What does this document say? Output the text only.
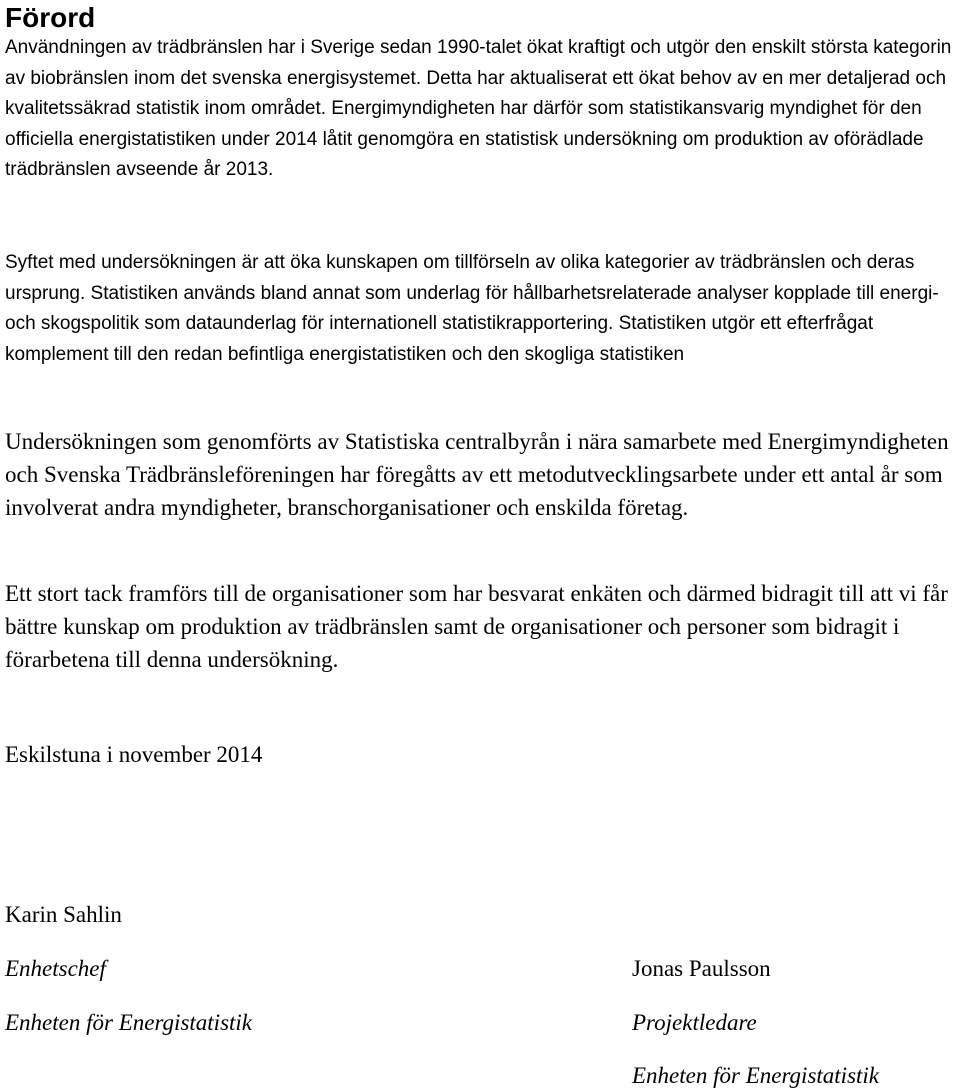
Förord

Användningen av trädbränslen har i Sverige sedan 1990-talet ökat kraftigt och utgör den enskilt största kategorin av biobränslen inom det svenska energisystemet. Detta har aktualiserat ett ökat behov av en mer detaljerad och kvalitetssäkrad statistik inom området. Energimyndigheten har därför som statistikansvarig myndighet för den officiella energistatistiken under 2014 låtit genomgöra en statistisk undersökning om produktion av oförädlade trädbränslen avseende år 2013.

Syftet med undersökningen är att öka kunskapen om tillförseln av olika kategorier av trädbränslen och deras ursprung. Statistiken används bland annat som underlag för hållbarhetsrelaterade analyser kopplade till energi- och skogspolitik som dataunderlag för internationell statistikrapportering. Statistiken utgör ett efterfrågat komplement till den redan befintliga energistatistiken och den skogliga statistiken

Undersökningen som genomförts av Statistiska centralbyrån i nära samarbete med Energimyndigheten och Svenska Trädbränsleföreningen har föregåtts av ett metodutvecklingsarbete under ett antal år som involverat andra myndigheter, branschorganisationer och enskilda företag.

Ett stort tack framförs till de organisationer som har besvarat enkäten och därmed bidragit till att vi får bättre kunskap om produktion av trädbränslen samt de organisationer och personer som bidragit i förarbetena till denna undersökning.

Eskilstuna i november 2014

Karin Sahlin

Enhetschef

Enheten för Energistatistik

Jonas Paulsson

Projektledare

Enheten för Energistatistik
